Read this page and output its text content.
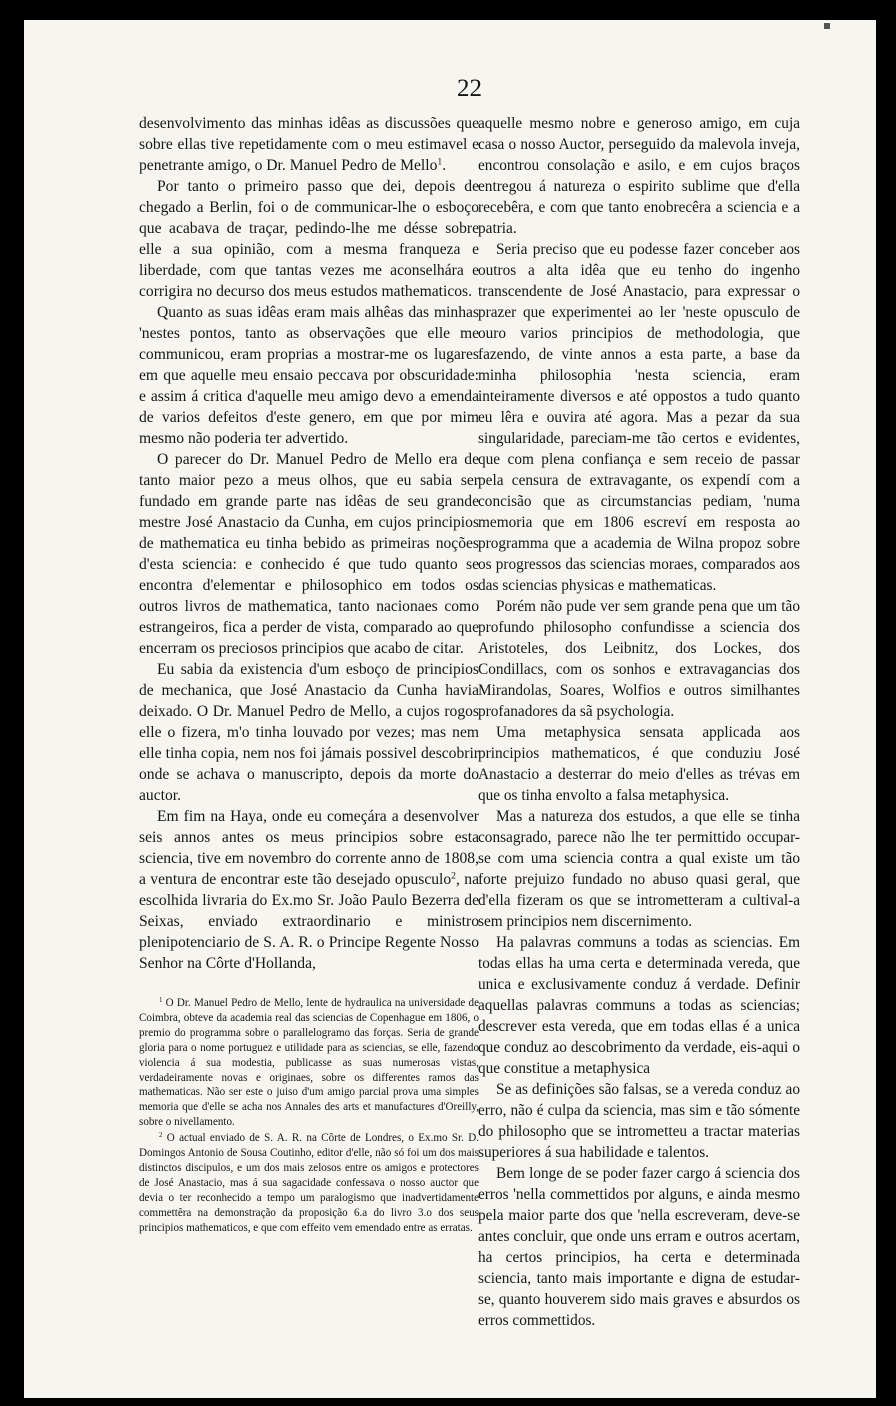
22

desenvolvimento das minhas idêas as discussões que sobre ellas tive repetidamente com o meu estimavel e penetrante amigo, o Dr. Manuel Pedro de Mello$^1$.

Por tanto o primeiro passo que dei, depois de chegado a Berlin, foi o de communicar-lhe o esboço que acabava de traçar, pedindo-lhe me désse sobre elle a sua opinião, com a mesma franqueza e liberdade, com que tantas vezes me aconselhára e corrigira no decurso dos meus estudos mathematicos.

Quanto as suas idêas eram mais alhêas das minhas 'nestes pontos, tanto as observações que elle me communicou, eram proprias a mostrar-me os lugares em que aquelle meu ensaio peccava por obscuridade: e assim á critica d'aquelle meu amigo devo a emenda de varios defeitos d'este genero, em que por mim mesmo não poderia ter advertido.

O parecer do Dr. Manuel Pedro de Mello era de tanto maior pezo a meus olhos, que eu sabia ser fundado em grande parte nas idêas de seu grande mestre José Anastacio da Cunha, em cujos principios de mathematica eu tinha bebido as primeiras noções d'esta sciencia: e conhecido é que tudo quanto se encontra d'elementar e philosophico em todos os outros livros de mathematica, tanto nacionaes como estrangeiros, fica a perder de vista, comparado ao que encerram os preciosos principios que acabo de citar.

Eu sabia da existencia d'um esboço de principios de mechanica, que José Anastacio da Cunha havia deixado. O Dr. Manuel Pedro de Mello, a cujos rogos elle o fizera, m'o tinha louvado por vezes; mas nem elle tinha copia, nem nos foi jámais possivel descobrir onde se achava o manuscripto, depois da morte do auctor.

Em fim na Haya, onde eu começára a desenvolver seis annos antes os meus principios sobre esta sciencia, tive em novembro do corrente anno de 1808, a ventura de encontrar este tão desejado opusculo$^2$, na escolhida livraria do Ex.mo Sr. João Paulo Bezerra de Seixas, enviado extraordinario e ministro plenipotenciario de S. A. R. o Principe Regente Nosso Senhor na Côrte d'Hollanda,

$^1$ O Dr. Manuel Pedro de Mello, lente de hydraulica na universidade de Coimbra, obteve da academia real das sciencias de Copenhague em 1806, o premio do programma sobre o parallelogramo das forças. Seria de grande gloria para o nome portuguez e utilidade para as sciencias, se elle, fazendo violencia á sua modestia, publicasse as suas numerosas vistas, verdadeiramente novas e originaes, sobre os differentes ramos das mathematicas. Não ser este o juiso d'um amigo parcial prova uma simples memoria que d'elle se acha nos Annales des arts et manufactures d'Oreilly, sobre o nivellamento.

$^2$ O actual enviado de S. A. R. na Côrte de Londres, o Ex.mo Sr. D. Domingos Antonio de Sousa Coutinho, editor d'elle, não só foi um dos mais distinctos discipulos, e um dos mais zelosos entre os amigos e protectores de José Anastacio, mas á sua sagacidade confessava o nosso auctor que devia o ter reconhecido a tempo um paralogismo que inadvertidamente commettêra na demonstração da proposição 6.a do livro 3.o dos seus principios mathematicos, e que com effeito vem emendado entre as erratas.

aquelle mesmo nobre e generoso amigo, em cuja casa o nosso Auctor, perseguido da malevola inveja, encontrou consolação e asilo, e em cujos braços entregou á natureza o espirito sublime que d'ella recebêra, e com que tanto enobrecêra a sciencia e a patria.

Seria preciso que eu podesse fazer conceber aos outros a alta idêa que eu tenho do ingenho transcendente de José Anastacio, para expressar o prazer que experimentei ao ler 'neste opusculo de ouro varios principios de methodologia, que fazendo, de vinte annos a esta parte, a base da minha philosophia 'nesta sciencia, eram inteiramente diversos e até oppostos a tudo quanto eu lêra e ouvira até agora. Mas a pezar da sua singularidade, pareciam-me tão certos e evidentes, que com plena confiança e sem receio de passar pela censura de extravagante, os expendí com a concisão que as circumstancias pediam, 'numa memoria que em 1806 escreví em resposta ao programma que a academia de Wilna propoz sobre os progressos das sciencias moraes, comparados aos das sciencias physicas e mathematicas.

Porém não pude ver sem grande pena que um tão profundo philosopho confundisse a sciencia dos Aristoteles, dos Leibnitz, dos Lockes, dos Condillacs, com os sonhos e extravagancias dos Mirandolas, Soares, Wolfios e outros similhantes profanadores da sã psychologia.

Uma metaphysica sensata applicada aos principios mathematicos, é que conduziu José Anastacio a desterrar do meio d'elles as trévas em que os tinha envolto a falsa metaphysica.

Mas a natureza dos estudos, a que elle se tinha consagrado, parece não lhe ter permittido occupar-se com uma sciencia contra a qual existe um tão forte prejuizo fundado no abuso quasi geral, que d'ella fizeram os que se intrometteram a cultival-a sem principios nem discernimento.

Ha palavras communs a todas as sciencias. Em todas ellas ha uma certa e determinada vereda, que unica e exclusivamente conduz á verdade. Definir aquellas palavras communs a todas as sciencias; descrever esta vereda, que em todas ellas é a unica que conduz ao descobrimento da verdade, eis-aqui o que constitue a metaphysica

Se as definições são falsas, se a vereda conduz ao erro, não é culpa da sciencia, mas sim e tão sómente do philosopho que se intrometteu a tractar materias superiores á sua habilidade e talentos.

Bem longe de se poder fazer cargo á sciencia dos erros 'nella commettidos por alguns, e ainda mesmo pela maior parte dos que 'nella escreveram, deve-se antes concluir, que onde uns erram e outros acertam, ha certos principios, ha certa e determinada sciencia, tanto mais importante e digna de estudar-se, quanto houverem sido mais graves e absurdos os erros commettidos.
